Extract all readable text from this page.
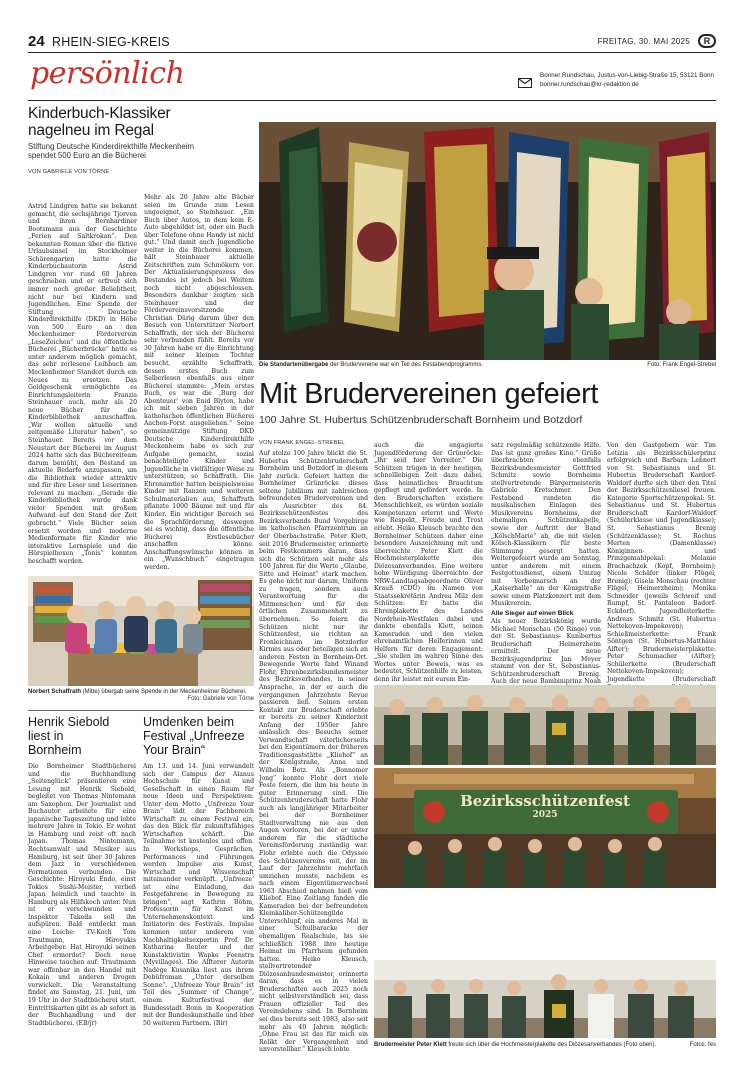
24 RHEIN-SIEG-KREIS	FREITAG, 30. MAI 2025	R
persönlich	Bonner Rundschau, Justus-von-Liebig-Straße 15, 53121 Bonn
bonner.rundschau@kr-redaktion.de
Kinderbuch-Klassiker
nagelneu im Regal
Stiftung Deutsche Kinderdirekthilfe Meckenheim
spendet 500 Euro an die Bücherei
VON GABRIELE VON TÖRNE
Astrid Lindgren hatte sie bekannt gemacht, die sechsjährige Tjorven und ihren Bernhardiner Bootsmann aus der Geschichte „Ferien auf Saltkrokan“. Den bekannten Roman über die fiktive Urlaubsinsel im Stockholmer Schärengarten hatte die Kinderbuchautorin Astrid Lindgren vor rund 60 Jahren geschrieben und er erfreut sich immer noch großer Beliebtheit, nicht nur bei Kindern und Jugendlichen. Eine Spende der Stiftung Deutsche Kinderdirekthilfe (DKD) in Höhe von 500 Euro an den Meckenheimer Förderverein „LeseZeichen“ und die öffentliche Bücherei „Bücherbrücke“ hatte es unter anderem möglich gemacht, das sehr zerlesene Leihbuch am Meckenheimer Standort durch ein Neues zu ersetzen. Das Geldgeschenk ermöglichte es Einrichtungsleiterin Franzis Steinhauer auch, mehr als 20 neue Bücher für die Kinderbibliothek anzuschaffen. „Wir wollen aktuelle und zeitgemäße Literatur haben“, so Steinhauer. Bereits vor dem Neustart der Bücherei im August 2024 hatte sich das Büchereiteam darum bemüht, den Bestand an aktuelle Bedarfe anzupassen, um die Bibliothek wieder attraktiv und für ihre Leser und Leserinnen relevant zu machen. „Gerade die Kinderbibliothek wurde dank vieler Spenden mit großem Aufwand auf den Stand der Zeit gebracht.“ Viele Bücher seien ersetzt worden und moderne Medienformate für Kinder wie interaktive Lernspiele und die Hörspielboxen „Tonis“ konnten beschafft werden.
Mehr als 20 Jahre alte Bücher seien im Grunde zum Lesen ungeeignet, so Steinhauer. „Ein Buch über Autos, in dem kein E-Auto abgebildet ist, oder ein Buch über Telefone ohne Handy ist nicht gut.“ Und damit auch Jugendliche weiter in die Bücherei kommen, hält Steinhauer aktuelle Zeitschriften zum Schmökern vor. Der Aktualisierungsprozess des Bestandes ist jedoch bei Weitem noch nicht abgeschlossen. Besonders dankbar zeigten sich Steinhauer und der Fördervereinsvorsitzende Christian Dürig darum über den Besuch von Unterstützer Norbert Schaffrath, der sich der Bücherei sehr verbunden fühlt. Bereits vor 30 Jahren habe er die Einrichtung mit seiner kleinen Tochter besucht, erzählte Schaffrath, dessen erstes Buch zum Selberlesen ebenfalls aus einer Bücherei stammte: „Mein erstes Buch, es war die ‚Burg der Abenteuer‘ von Enid Blyton, habe ich mit sieben Jahren in der katholischen öffentlichen Bücherei Aachen-Forst ausgeliehen.“ Seine gemeinnützige Stiftung DKD Deutsche Kinderdirekthilfe Meckenheim habe es sich zur Aufgabe gemacht, sozial benachteiligte Kinder und Jugendliche in vielfältiger Weise zu unterstützen, so Schaffrath. Die Ehrenamtler hatten beispielsweise Kinder mit Ranzen und weiteren Schulmaterialien aus, Schaffrath pflanzte 1000 Bäume mit und für Kinder. Ein wichtiger Bereich sei die Sprachförderung, deswegen sei es wichtig, dass die öffentliche Bücherei Erstlesebücher anschaffen könne. Anschaffungswünsche können in ein „Wunschbuch“ eingetragen werden.
Norbert Schaffrath (Mitte) übergab seine Spende in der Meckenheimer Bücherei.
Foto: Gabriele von Törne
Henrik Siebold
liest in
Bornheim
Die Bornheimer Stadtbücherei und die Buchhandlung „Seitenglück“ präsentieren eine Lesung mit Henrik Siebold, begleitet von Thomas Nintemann am Saxophon. Der Journalist und Buchautor arbeitete für eine japanische Tageszeitung und lebte mehrere Jahre in Tokio. Er wohnt in Hamburg und reist oft nach Japan. Thomas Nintemann, Rechtsanwalt und Musiker aus Hamburg, ist seit über 30 Jahren dem Jazz in verschiedenen Formationen verbunden. Die Geschichte: Hiroyuki Endo, einst Tokios Sushi-Meister, verließ Japan heimlich und tauchte in Hamburg als Hilfskoch unter. Nun ist er verschwunden und Inspektor Takeda soll ihn aufspüren. Bald entdeckt man eine Leiche: TV-Koch Tom Trautmann, Hiroyukis Arbeitgeber. Hat Hiroyuki seinen Chef ermordet? Doch neue Hinweise tauchen auf: Trautmann war offenbar in den Handel mit Kokain und anderen Drogen verwickelt. Die Veranstaltung findet am Samstag, 21. Juni, um 19 Uhr in der Stadtbücherei statt. Eintrittskarten gibt es ab sofort in der Buchhandlung und der Stadtbücherei. (EB/jr)
Umdenken beim
Festival „Unfreeze
Your Brain“
Am 13. und 14. Juni verwandelt sich der Campus der Alanus Hochschule für Kunst und Gesellschaft in einen Raum für neue Ideen und Perspektiven: Unter dem Motto „Unfreeze Your Brain“ lädt der Fachbereich Wirtschaft zu einem Festival ein, das den Blick für zukunftsfähiges Wirtschaften schärft. Die Teilnahme ist kostenlos und offen. In Workshops, Gesprächen, Performances und Führungen werden Impulse aus Kunst, Wirtschaft und Wissenschaft miteinander verknüpft. „Unfreeze‘ ist eine Einladung, das Festgefahrene in Bewegung zu bringen“, sagt Kathrin Böhm, Professorin für Kunst im Unternehmenskontext und Initiatorin des Festivals. Impulse kommen unter anderem von Nachhaltigkeitsexpertin Prof. Dr. Katharina Reuter und der Kunstaktivistin Wapke Feenstra (Myvillages). Die Alfterer Autorin Nadège Kusanika liest aus ihrem Debütroman „Unter derselben Sonne“. „Unfreeze Your Brain“ ist Teil des „Summer of Change“, einem Kulturfestival der Bundesstadt Bonn in Kooperation mit der Bundeskunsthalle und über 50 weiteren Partnern. (Bir)
Die Standartenübergabe der Brudervereine war ein Teil des Festabendprogramms.	Foto: Frank Engel-Strebel
Mit Brudervereinen gefeiert
100 Jahre St. Hubertus Schützenbruderschaft Bornheim und Botzdorf
VON FRANK ENGEL-STREBEL
Auf stolze 100 Jahre blickt die St. Hubertus Schützenbruderschaft Bornheim und Botzdorf in diesem Jahr zurück. Gefeiert hatten die Bornheimer Grünröcke dieses seltene Jubiläum mit zahlreichen befreundeten Brudervereinen und als Ausrichter des 84. Bezirksschützenfestes des Bezirksverbands Bund Vorgebirge im katholischen Pfarrzentrum an der Oberbachstraße. Peter Klett, seit 2016 Brudermeister, erinnerte beim Festkommers daran, dass sich die Schützen seit mehr als 100 Jahren für die Werte „Glaube, Sitte und Heimat“ stark machen. Es gehe nicht nur darum, Uniform zu tragen, sondern auch Verantwortung für die Mitmenschen und für den örtlichen Zusammenhalt zu übernehmen. So feiern die Schützen nicht nur ihr Schützenfest, sie richten an Fronleichnam im Botzdorfer Kirmes aus oder beteiligen sich an anderen Festen in Bornheim-Ort. Bewegende Worte fand Winand Flohr, Ehrenbezirksbundesmeister des Bezirksverbandes, in seiner Ansprache, in der er auch die vergangenen Jahrzehnte Revue passieren ließ. Seinen ersten Kontakt zur Bruderschaft erlebte er bereits zu seiner Kinderzeit Anfang der 1950er Jahre anlässlich des Besuchs seiner Verwandtschaft väterlicherseits bei den Eigentümern der früheren Traditionsgaststätte „Kliehof“ an der Königstraße, Anna und Wilhelm Botz. Als „Bonnemer Jong“ konnte Flohr dort viele Feste feiern, die ihm bis heute in guter Erinnerung sind. Die Schützenbruderschaft hatte Flohr auch als langjähriger Mitarbeiter bei der Bornheimer Stadtverwaltung nie aus den Augen verloren, bei der er unter anderem für die städtische Vereinsförderung zuständig war. Flohr erlebte auch die Odyssee des Schützenvereins mit, der im Lauf der Jahrzehnte mehrfach umziehen musste, nachdem es nach einem Eigentümerwechsel 1963 Abschied nehmen hieß vom Kliehof. Eine Zeitlang fanden die Kameraden bei der befreundeten Kleinkaliber-Schützengilde Unterschlupf, ein anderes Mal in einer Schulbaracke der ehemaligen Realschule, bis sie schließlich 1988 ihre heutige Heimat im Pfarrheim gefunden hatten. Heiko Kleusch, stellvertretender Diözesanbundesmeister, erinnerte daran, dass es in vielen Bruderschaften auch 2025 noch nicht selbstverständlich sei, dass Frauen offizieller Teil des Vereinslebens sind. In Bornheim sei dies bereits seit 1983, also seit mehr als 40 Jahren möglich: „Ohne Frau ist das für mich ein Relikt der Vergangenheit und unvorstellbar.“ Kleusch lobte
auch die engagierte Jugendförderung der Grünröcke: „Ihr seid hier Vorreiter.“ Die Schützen trügen in der heutigen, schnelllebigen Zeit dazu dabei, dass heimatliches Brauchtum gepflegt und gefördert werde. In den Bruderschaften existiere Menschlichkeit, es würden soziale Kompetenzen erlernt und Werte wie Respekt, Freude und Trost erlebt. Heiko Kleusch brachte den Bornheimer Schützen daher eine besondere Auszeichnung mit und überreichte Peter Klett die Hochmeisterplakette des Diözesanverbandes. Eine weitere hohe Würdigung überreichte der NRW-Landtagsabgeordnete Oliver Krauß (CDU) im Namen von Staatssekretärin Andrea Milz den Schützen: Er hatte die Ehrenplakette des Landes Nordrhein-Westfalen dabei und dankte ebenfalls Klett, seinen Kameraden und den vielen ehrenamtlichen Helferinnen und Helfern für deren Engagement: „Sie stellen im wahren Sinne des Wortes unter Beweis, was es bedeutet, Schützenhilfe zu leisten, denn ihr leistet mit eurem Ein-
satz regelmäßig schützende Hilfe. Das ist ganz großes Kino.“ Grüße überbrachten ebenfalls Bezirksbundesmeister Gottfried Schmitz sowie Bornheims stellvertretende Bürgermeisterin Gabriele Kretschmer. Den Festabend rundeten die musikalischen Einlagen des Musikvereins Bornheims, der ehemaligen Schützenkapelle, sowie der Auftritt der Band „KölschMarie“ ab, die mit vielen Kölsch-Klassikern für beste Stimmung gesorgt hatten. Weitergefeiert wurde am Sonntag, unter anderem mit einem Festgottesdienst, einem Umzug mit Vorbeimarsch an der „Kaiserhalle“ an der Königstraße sowie einem Platzkonzert mit dem Musikverein.
Alle Sieger auf einen Blick
Als neuer Bezirkskönig wurde Michael Monschau (50 Ringe) von der St. Sebastianus- Kunibertus Bruderschaft Heimerzheim ermittelt. Der neue Bezirksjugendprinz Jan Meyer stammt von der St. Sebastianus-Schützenbruderschaft Brenig. Auch der neue Bambiniprinz Noah
Von den Gastgebern war Tim Letizia als Bezirksschülerprinz erfolgreich und Barbara Lehnert von St. Sebastianus und St. Hubertus Bruderschaft Kardorf-Waldorf durfte sich über den Titel der Bezirksschützenliesel freuen. Kategorie Sportschützenpokal: St. Sebastianus und St. Hubertus Bruderschaft Kardorf-Waldorf (Schülerklasse und Jugendklasse); St. Sebastianus Brenig (Schützenklasse); St. Rochus Merten (Damenklasse) Königinnen- und Prinzgemahlpokal: Melanie Brachachzek (Kopf, Bornheim); Nicole Schäfer (linker Flügel, Brenig); Gisela Monschau (rechter Flügel, Heimerzheim); Monika Schneider (jeweils Schweif und Rumpf, St. Pantaleon Badorf-Eckdorf). Jugendleiterkette: Andreas Schmitz (St. Hubertus Nettekoven-Impekoven); Schießmeisterkette: Frank Söntgen (St. Hubertus-Matthäus Alfter); Brudermeisterplakette: Peter Schumacher (Alfter); Schülerkette (Bruderschaft Nettekoven-Impekoven); Jugendkette (Bruderschaft
Bezirksschützenfest
2025
Brudermeister Peter Klett freute sich über die Hochmeisterplakette des Diözesanverbandes (Foto oben).	Fotos: fes
